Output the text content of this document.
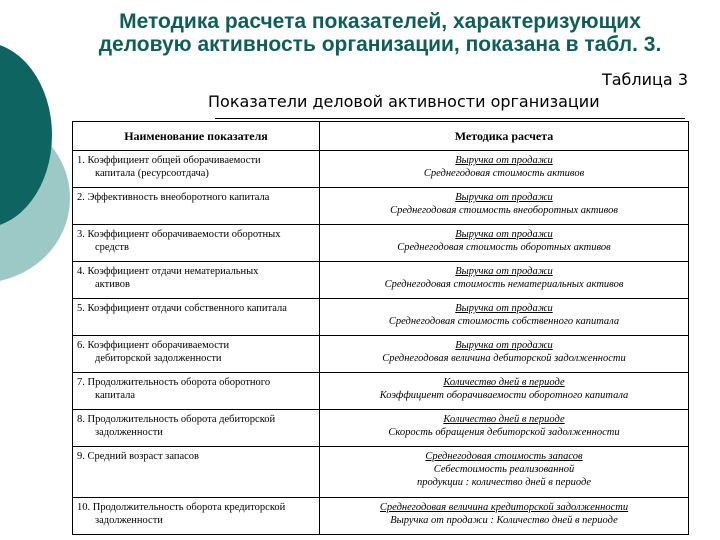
Методика расчета показателей, характеризующих
деловую активность организации, показана в табл. 3.
Таблица 3
Показатели деловой активности организации
Наименование показателя	Методика расчета

1. Коэффициент общей оборачиваемости
капитала (ресурсоотдача)	Выручка от продажи
Среднегодовая стоимость активов

2. Эффективность внеоборотного капитала	Выручка от продажи
Среднегодовая стоимость внеоборотных активов

3. Коэффициент оборачиваемости оборотных
средств	Выручка от продажи
Среднегодовая стоимость оборотных активов

4. Коэффициент отдачи нематериальных
активов	Выручка от продажи
Среднегодовая стоимость нематериальных активов

5. Коэффициент отдачи собственного капитала	Выручка от продажи
Среднегодовая стоимость собственного капитала

6. Коэффициент оборачиваемости
дебиторской задолженности	Выручка от продажи
Среднегодовая величина дебиторской задолженности

7. Продолжительность оборота оборотного
капитала	Количество дней в периоде
Коэффициент оборачиваемости оборотного капитала

8. Продолжительность оборота дебиторской
задолженности	Количество дней в периоде
Скорость обращения дебиторской задолженности

9. Средний возраст запасов	Среднегодовая стоимость запасов
Себестоимость реализованной
продукции : количество дней в периоде

10. Продолжительность оборота кредиторской
задолженности	Среднегодовая величина кредиторской задолженности
Выручка от продажи : Количество дней в периоде
